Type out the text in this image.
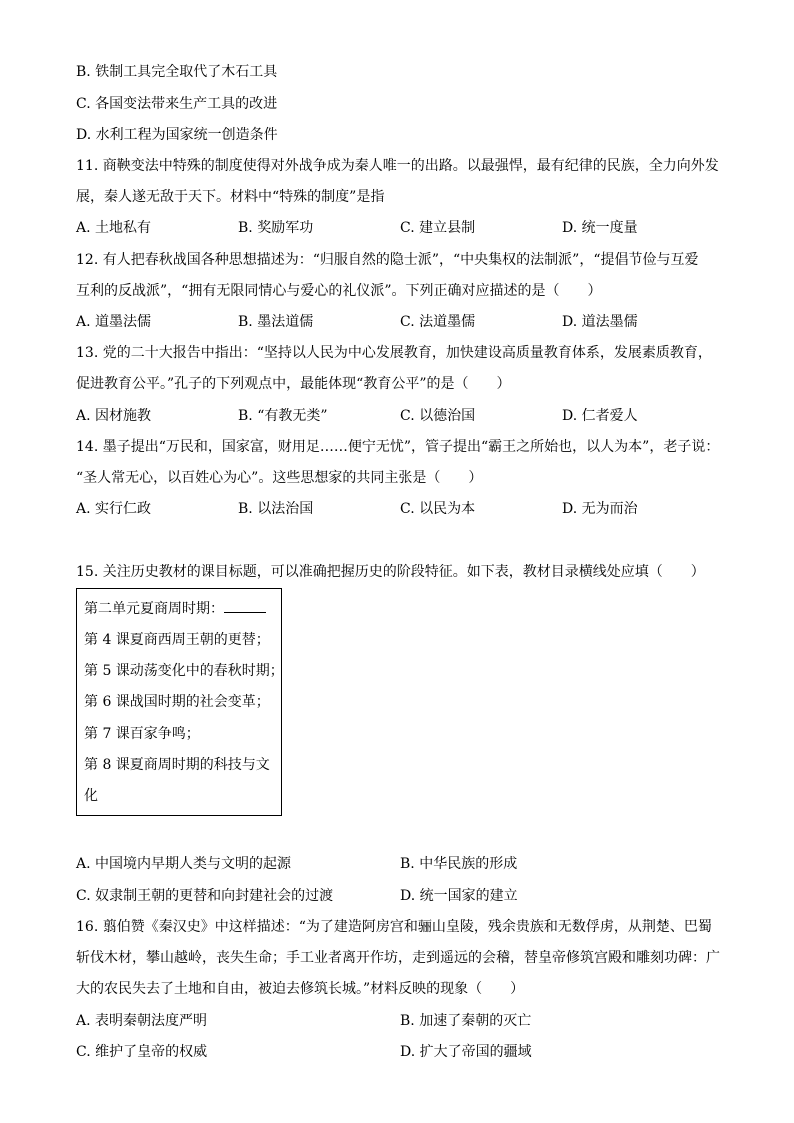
B. 铁制工具完全取代了木石工具
C. 各国变法带来生产工具的改进
D. 水利工程为国家统一创造条件
11. 商鞅变法中特殊的制度使得对外战争成为秦人唯一的出路。以最强悍，最有纪律的民族，全力向外发
展，秦人遂无敌于天下。材料中“特殊的制度”是指
A. 土地私有	B. 奖励军功	C. 建立县制	D. 统一度量
12. 有人把春秋战国各种思想描述为：“归服自然的隐士派”，“中央集权的法制派”，“提倡节俭与互爱
互利的反战派”，“拥有无限同情心与爱心的礼仪派”。下列正确对应描述的是（　　）
A. 道墨法儒	B. 墨法道儒	C. 法道墨儒	D. 道法墨儒
13. 党的二十大报告中指出：“坚持以人民为中心发展教育，加快建设高质量教育体系，发展素质教育，
促进教育公平。”孔子的下列观点中，最能体现“教育公平”的是（　　）
A. 因材施教	B. “有教无类”	C. 以德治国	D. 仁者爱人
14. 墨子提出“万民和，国家富，财用足……便宁无忧”，管子提出“霸王之所始也，以人为本”，老子说：
“圣人常无心，以百姓心为心”。这些思想家的共同主张是（　　）
A. 实行仁政	B. 以法治国	C. 以民为本	D. 无为而治
15. 关注历史教材的课目标题，可以准确把握历史的阶段特征。如下表，教材目录横线处应填（　　）
第二单元夏商周时期：
第 4 课夏商西周王朝的更替；
第 5 课动荡变化中的春秋时期；
第 6 课战国时期的社会变革；
第 7 课百家争鸣；
第 8 课夏商周时期的科技与文
化
A. 中国境内早期人类与文明的起源	B. 中华民族的形成
C. 奴隶制王朝的更替和向封建社会的过渡	D. 统一国家的建立
16. 翦伯赞《秦汉史》中这样描述：“为了建造阿房宫和骊山皇陵，残余贵族和无数俘虏，从荆楚、巴蜀
斩伐木材，攀山越岭，丧失生命；手工业者离开作坊，走到遥远的会稽，替皇帝修筑宫殿和雕刻功碑：广
大的农民失去了土地和自由，被迫去修筑长城。”材料反映的现象（　　）
A. 表明秦朝法度严明	B. 加速了秦朝的灭亡
C. 维护了皇帝的权威	D. 扩大了帝国的疆域
